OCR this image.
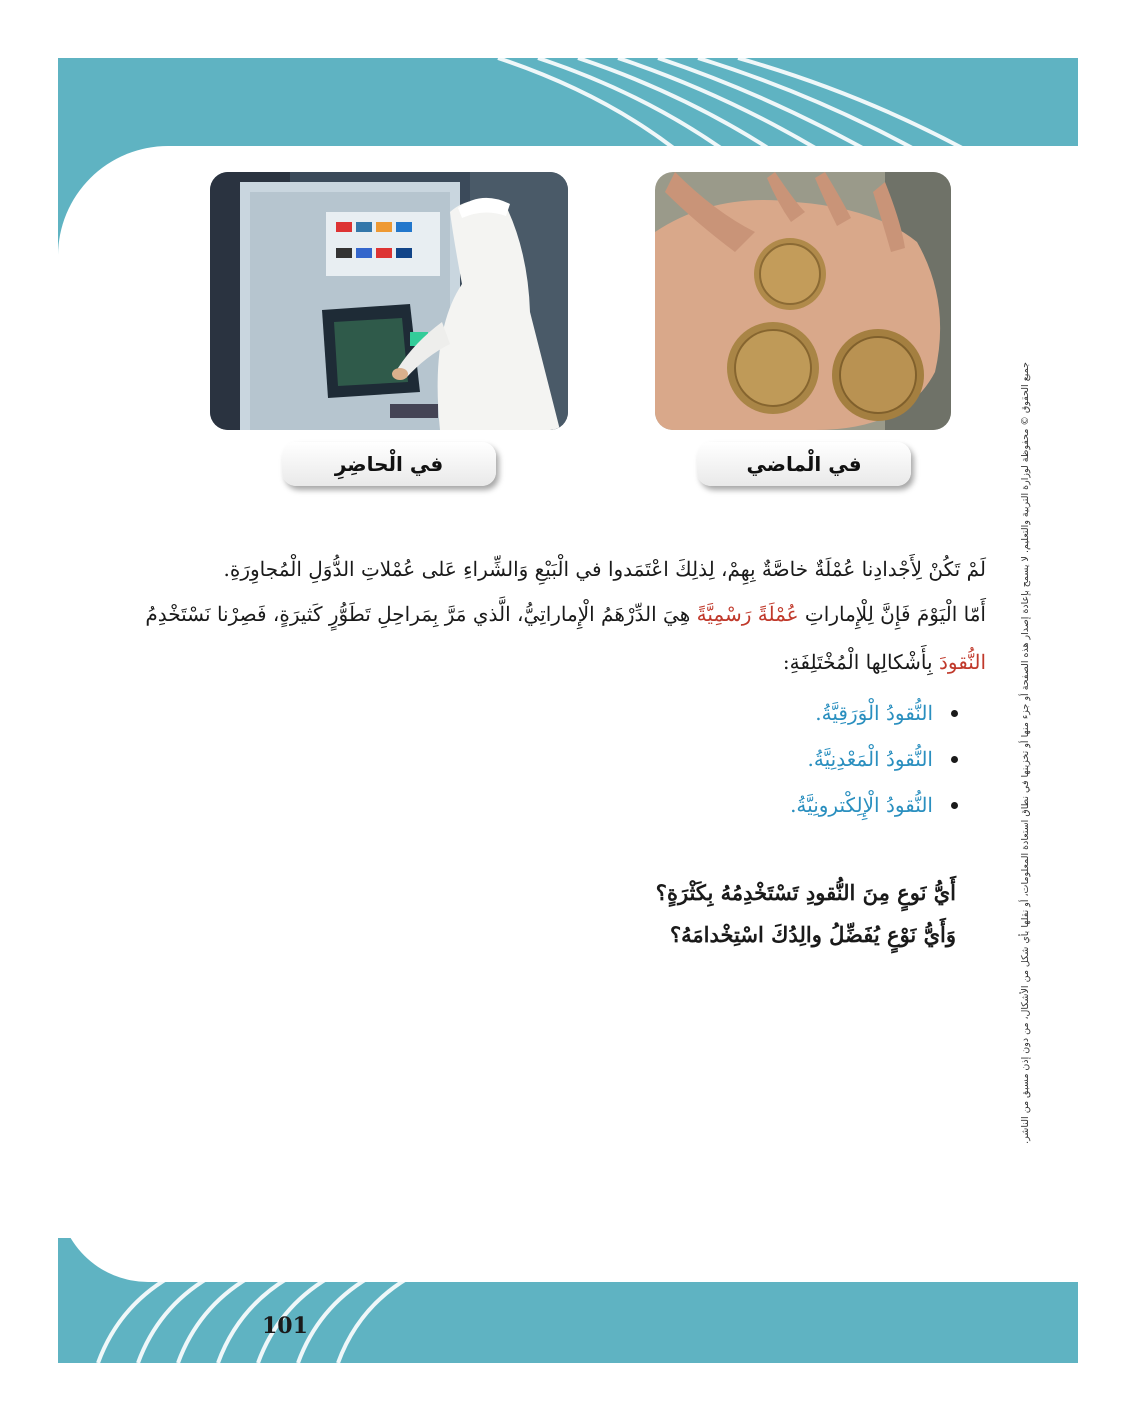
في الْحاضِرِ	في الْماضي	جميع الحقوق © محفوظة لوزارة التربية والتعليم. لا يسمح بإعادة إصدار هذه الصفحة أو جزء منها أو تخزينها في نطاق استعادة المعلومات، أو نقلها بأي شكل من الأشكال، من دون إذن مسبق من الناشر.
لَمْ تَكُنْ لِأَجْدادِنا عُمْلَةٌ خاصَّةٌ بِهِمْ، لِذلِكَ اعْتَمَدوا في الْبَيْعِ وَالشِّراءِ عَلى عُمْلاتِ الدُّوَلِ الْمُجاوِرَةِ.
أَمّا الْيَوْمَ فَإِنَّ لِلْإِماراتِ عُمْلَةً رَسْمِيَّةً هِيَ الدِّرْهَمُ الْإِماراتِيُّ، الَّذي مَرَّ بِمَراحِلِ تَطَوُّرٍ كَثيرَةٍ، فَصِرْنا نَسْتَخْدِمُ
النُّقودَ بِأَشْكالِها الْمُخْتَلِفَةِ:
النُّقودُ الْوَرَقِيَّةُ.
النُّقودُ الْمَعْدِنِيَّةُ.
النُّقودُ الْإِلِكْترونِيَّةُ.
أَيُّ نَوعٍ مِنَ النُّقودِ تَسْتَخْدِمُهُ بِكَثْرَةٍ؟
وَأَيُّ نَوْعٍ يُفَضِّلُ والِدُكَ اسْتِخْدامَهُ؟
101
